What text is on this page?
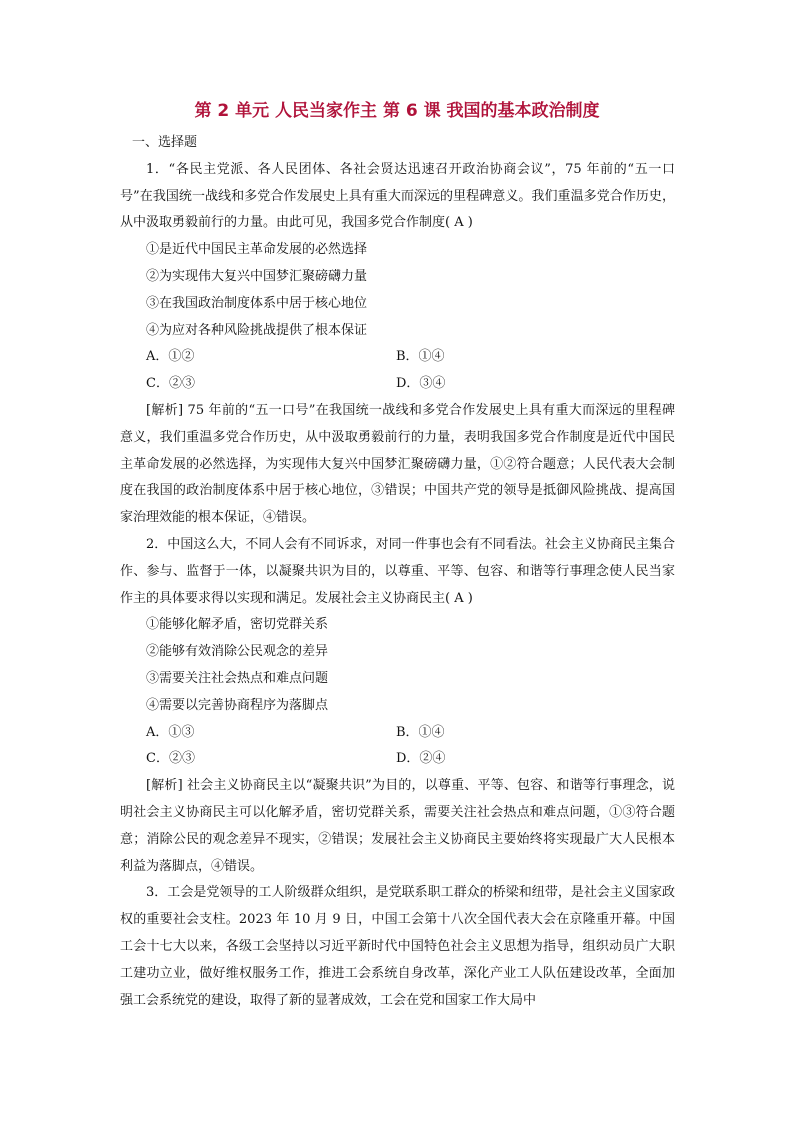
第 2 单元 人民当家作主 第 6 课 我国的基本政治制度

一、选择题

1．“各民主党派、各人民团体、各社会贤达迅速召开政治协商会议”，75 年前的“五一口号”在我国统一战线和多党合作发展史上具有重大而深远的里程碑意义。我们重温多党合作历史，从中汲取勇毅前行的力量。由此可见，我国多党合作制度( A )

①是近代中国民主革命发展的必然选择

②为实现伟大复兴中国梦汇聚磅礴力量

③在我国政治制度体系中居于核心地位

④为应对各种风险挑战提供了根本保证

A．①②	B．①④
C．②③	D．③④

[解析] 75 年前的“五一口号”在我国统一战线和多党合作发展史上具有重大而深远的里程碑意义，我们重温多党合作历史，从中汲取勇毅前行的力量，表明我国多党合作制度是近代中国民主革命发展的必然选择，为实现伟大复兴中国梦汇聚磅礴力量，①②符合题意；人民代表大会制度在我国的政治制度体系中居于核心地位，③错误；中国共产党的领导是抵御风险挑战、提高国家治理效能的根本保证，④错误。

2．中国这么大，不同人会有不同诉求，对同一件事也会有不同看法。社会主义协商民主集合作、参与、监督于一体，以凝聚共识为目的，以尊重、平等、包容、和谐等行事理念使人民当家作主的具体要求得以实现和满足。发展社会主义协商民主( A )

①能够化解矛盾，密切党群关系

②能够有效消除公民观念的差异

③需要关注社会热点和难点问题

④需要以完善协商程序为落脚点

A．①③	B．①④
C．②③	D．②④

[解析] 社会主义协商民主以“凝聚共识”为目的，以尊重、平等、包容、和谐等行事理念，说明社会主义协商民主可以化解矛盾，密切党群关系，需要关注社会热点和难点问题，①③符合题意；消除公民的观念差异不现实，②错误；发展社会主义协商民主要始终将实现最广大人民根本利益为落脚点，④错误。

3．工会是党领导的工人阶级群众组织，是党联系职工群众的桥梁和纽带，是社会主义国家政权的重要社会支柱。2023 年 10 月 9 日，中国工会第十八次全国代表大会在京隆重开幕。中国工会十七大以来，各级工会坚持以习近平新时代中国特色社会主义思想为指导，组织动员广大职工建功立业，做好维权服务工作，推进工会系统自身改革，深化产业工人队伍建设改革，全面加强工会系统党的建设，取得了新的显著成效，工会在党和国家工作大局中
